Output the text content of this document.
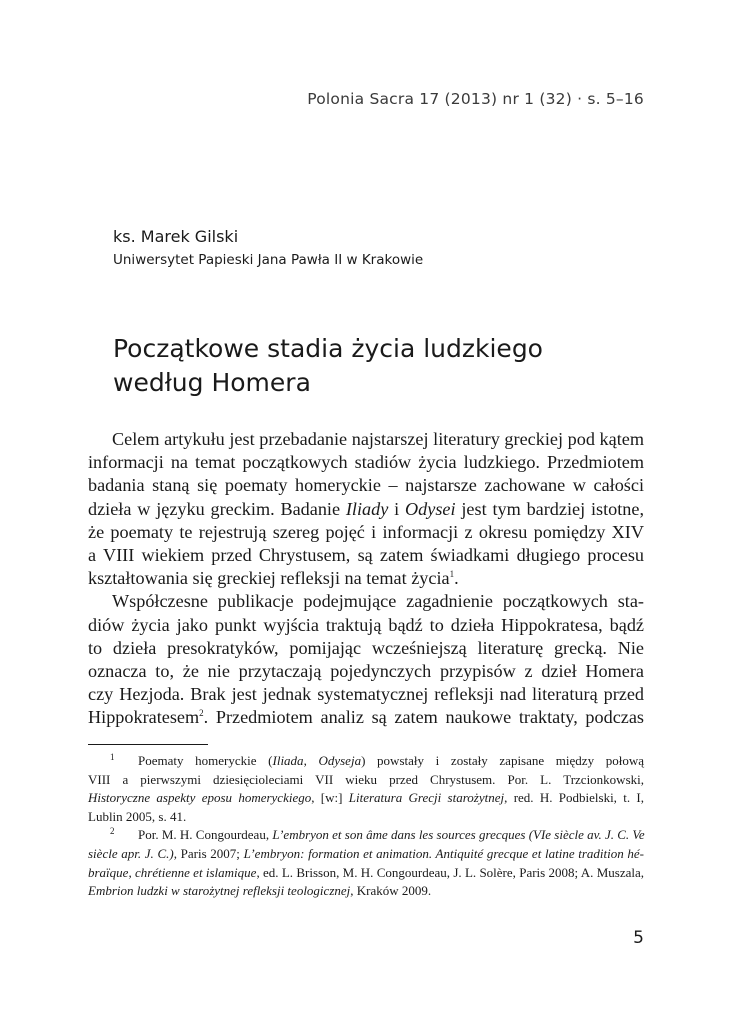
Polonia Sacra 17 (2013) nr 1 (32) · s. 5–16
ks. Marek Gilski
Uniwersytet Papieski Jana Pawła II w Krakowie
Początkowe stadia życia ludzkiego
według Homera
Celem artykułu jest przebadanie najstarszej literatury greckiej pod kątem
informacji na temat początkowych stadiów życia ludzkiego. Przedmiotem
badania staną się poematy homeryckie – najstarsze zachowane w całości
dzieła w języku greckim. Badanie Iliady i Odysei jest tym bardziej istotne,
że poematy te rejestrują szereg pojęć i informacji z okresu pomiędzy XIV
a VIII wiekiem przed Chrystusem, są zatem świadkami długiego procesu
kształtowania się greckiej refleksji na temat życia$^1$.
Współczesne publikacje podejmujące zagadnienie początkowych sta-
diów życia jako punkt wyjścia traktują bądź to dzieła Hippokratesa, bądź
to dzieła presokratyków, pomijając wcześniejszą literaturę grecką. Nie
oznacza to, że nie przytaczają pojedynczych przypisów z dzieł Homera
czy Hezjoda. Brak jest jednak systematycznej refleksji nad literaturą przed
Hippokratesem$^2$. Przedmiotem analiz są zatem naukowe traktaty, podczas
1 Poematy homeryckie (Iliada, Odyseja) powstały i zostały zapisane między połową
VIII a pierwszymi dziesięcioleciami VII wieku przed Chrystusem. Por. L. Trzcionkowski,
Historyczne aspekty eposu homeryckiego, [w:] Literatura Grecji starożytnej, red. H. Podbielski, t. I,
Lublin 2005, s. 41.
2 Por. M. H. Congourdeau, L’embryon et son âme dans les sources grecques (VIe siècle av. J. C. Ve
siècle apr. J. C.), Paris 2007; L’embryon: formation et animation. Antiquité grecque et latine tradition hé-
braïque, chrétienne et islamique, ed. L. Brisson, M. H. Congourdeau, J. L. Solère, Paris 2008; A. Muszala,
Embrion ludzki w starożytnej refleksji teologicznej, Kraków 2009.
5
